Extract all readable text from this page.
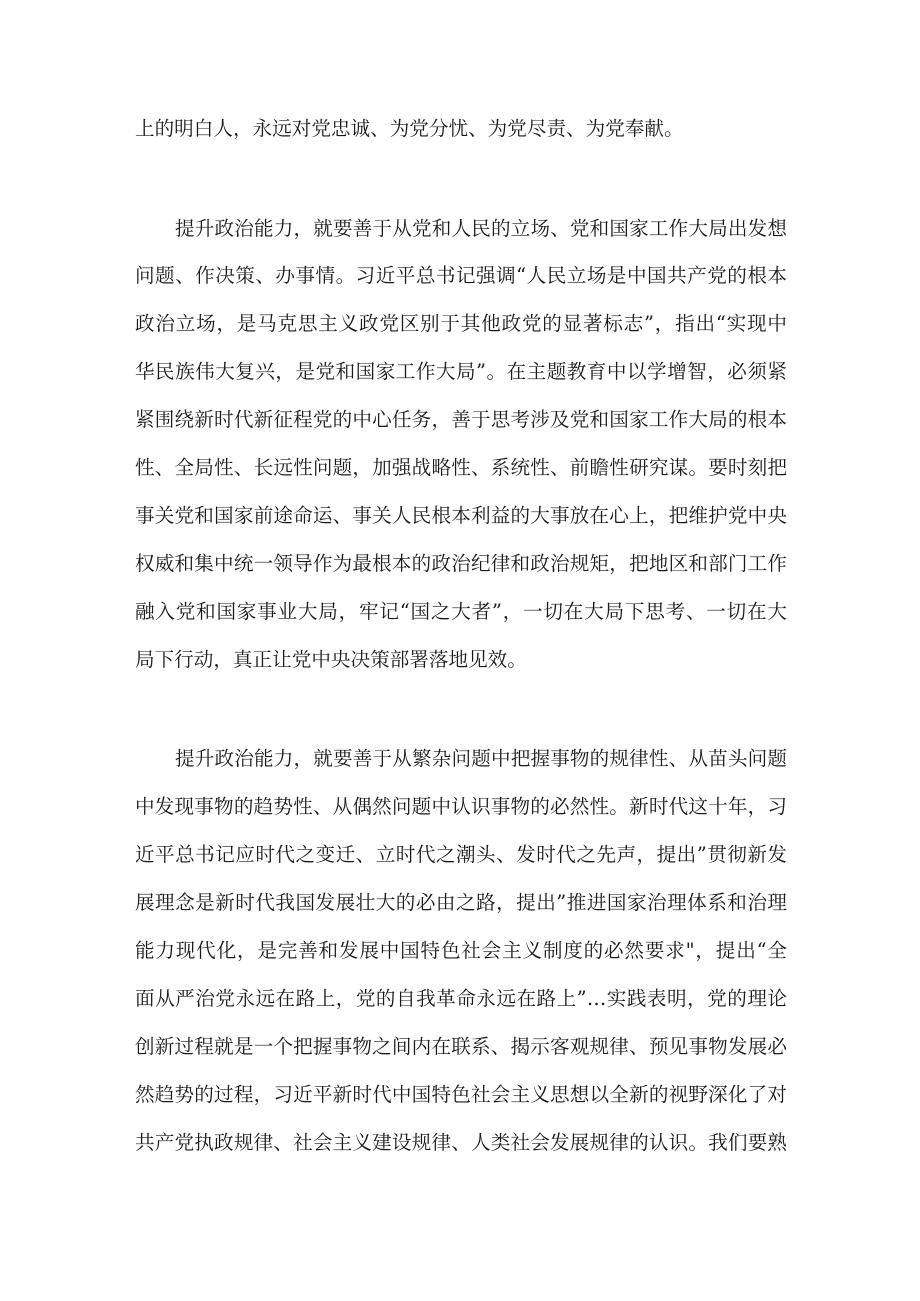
上的明白人，永远对党忠诚、为党分忧、为党尽责、为党奉献。
提升政治能力，就要善于从党和人民的立场、党和国家工作大局出发想
问题、作决策、办事情。习近平总书记强调“人民立场是中国共产党的根本
政治立场，是马克思主义政党区别于其他政党的显著标志”，指出“实现中
华民族伟大复兴，是党和国家工作大局”。在主题教育中以学增智，必须紧
紧围绕新时代新征程党的中心任务，善于思考涉及党和国家工作大局的根本
性、全局性、长远性问题，加强战略性、系统性、前瞻性研究谋。要时刻把
事关党和国家前途命运、事关人民根本利益的大事放在心上，把维护党中央
权威和集中统一领导作为最根本的政治纪律和政治规矩，把地区和部门工作
融入党和国家事业大局，牢记“国之大者”，一切在大局下思考、一切在大
局下行动，真正让党中央决策部署落地见效。
提升政治能力，就要善于从繁杂问题中把握事物的规律性、从苗头问题
中发现事物的趋势性、从偶然问题中认识事物的必然性。新时代这十年，习
近平总书记应时代之变迁、立时代之潮头、发时代之先声，提出”贯彻新发
展理念是新时代我国发展壮大的必由之路，提出”推进国家治理体系和治理
能力现代化，是完善和发展中国特色社会主义制度的必然要求"，提出“全
面从严治党永远在路上，党的自我革命永远在路上”…实践表明，党的理论
创新过程就是一个把握事物之间内在联系、揭示客观规律、预见事物发展必
然趋势的过程，习近平新时代中国特色社会主义思想以全新的视野深化了对
共产党执政规律、社会主义建设规律、人类社会发展规律的认识。我们要熟
